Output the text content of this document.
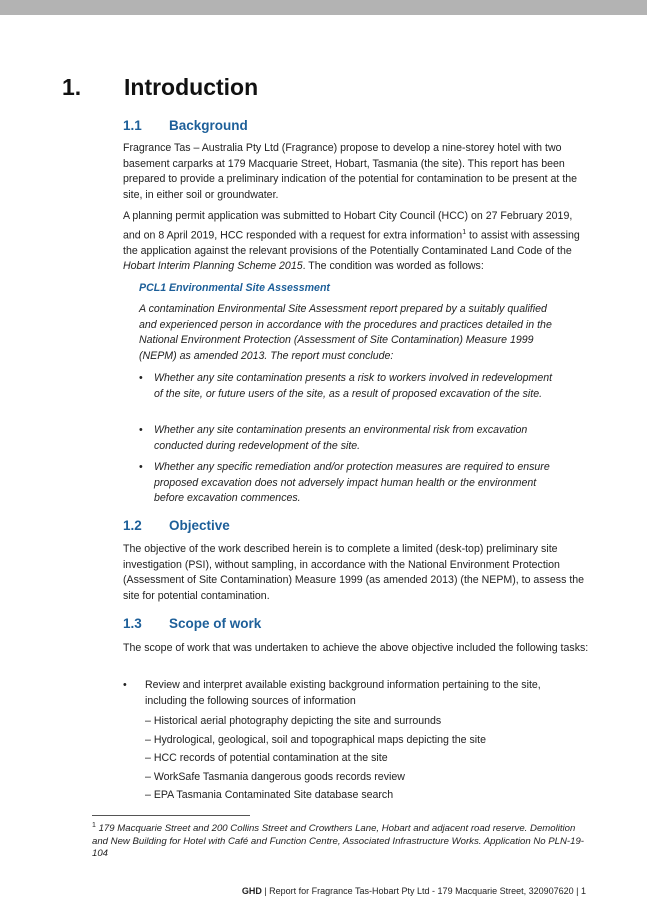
1. Introduction
1.1 Background
Fragrance Tas – Australia Pty Ltd (Fragrance) propose to develop a nine-storey hotel with two basement carparks at 179 Macquarie Street, Hobart, Tasmania (the site). This report has been prepared to provide a preliminary indication of the potential for contamination to be present at the site, in either soil or groundwater.
A planning permit application was submitted to Hobart City Council (HCC) on 27 February 2019, and on 8 April 2019, HCC responded with a request for extra information$^1$ to assist with assessing the application against the relevant provisions of the Potentially Contaminated Land Code of the Hobart Interim Planning Scheme 2015. The condition was worded as follows:
PCL1 Environmental Site Assessment
A contamination Environmental Site Assessment report prepared by a suitably qualified and experienced person in accordance with the procedures and practices detailed in the National Environment Protection (Assessment of Site Contamination) Measure 1999 (NEPM) as amended 2013. The report must conclude:
• Whether any site contamination presents a risk to workers involved in redevelopment of the site, or future users of the site, as a result of proposed excavation of the site.
• Whether any site contamination presents an environmental risk from excavation conducted during redevelopment of the site.
• Whether any specific remediation and/or protection measures are required to ensure proposed excavation does not adversely impact human health or the environment before excavation commences.
1.2 Objective
The objective of the work described herein is to complete a limited (desk-top) preliminary site investigation (PSI), without sampling, in accordance with the National Environment Protection (Assessment of Site Contamination) Measure 1999 (as amended 2013) (the NEPM), to assess the site for potential contamination.
1.3 Scope of work
The scope of work that was undertaken to achieve the above objective included the following tasks:
• Review and interpret available existing background information pertaining to the site, including the following sources of information
– Historical aerial photography depicting the site and surrounds
– Hydrological, geological, soil and topographical maps depicting the site
– HCC records of potential contamination at the site
– WorkSafe Tasmania dangerous goods records review
– EPA Tasmania Contaminated Site database search
$^1$ 179 Macquarie Street and 200 Collins Street and Crowthers Lane, Hobart and adjacent road reserve. Demolition and New Building for Hotel with Café and Function Centre, Associated Infrastructure Works. Application No PLN-19-104
GHD | Report for Fragrance Tas-Hobart Pty Ltd - 179 Macquarie Street, 320907620 | 1
